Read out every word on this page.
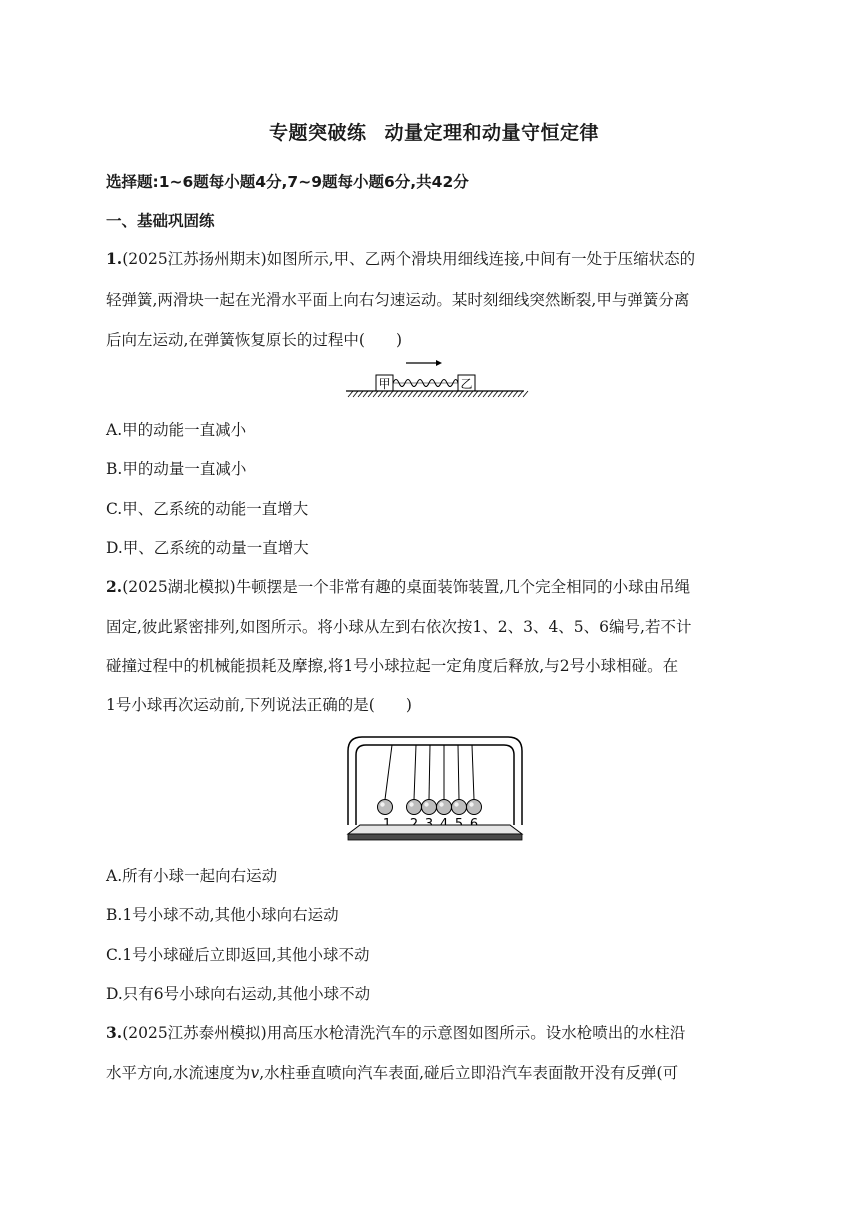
专题突破练 动量定理和动量守恒定律
选择题:1~6题每小题4分,7~9题每小题6分,共42分
一、基础巩固练
1.(2025江苏扬州期末)如图所示,甲、乙两个滑块用细线连接,中间有一处于压缩状态的
轻弹簧,两滑块一起在光滑水平面上向右匀速运动。某时刻细线突然断裂,甲与弹簧分离
后向左运动,在弹簧恢复原长的过程中(　　)
甲	乙
A.甲的动能一直减小
B.甲的动量一直减小
C.甲、乙系统的动能一直增大
D.甲、乙系统的动量一直增大
2.(2025湖北模拟)牛顿摆是一个非常有趣的桌面装饰装置,几个完全相同的小球由吊绳
固定,彼此紧密排列,如图所示。将小球从左到右依次按1、2、3、4、5、6编号,若不计
碰撞过程中的机械能损耗及摩擦,将1号小球拉起一定角度后释放,与2号小球相碰。在
1号小球再次运动前,下列说法正确的是(　　)
A.所有小球一起向右运动
B.1号小球不动,其他小球向右运动
C.1号小球碰后立即返回,其他小球不动
D.只有6号小球向右运动,其他小球不动
3.(2025江苏泰州模拟)用高压水枪清洗汽车的示意图如图所示。设水枪喷出的水柱沿
水平方向,水流速度为v,水柱垂直喷向汽车表面,碰后立即沿汽车表面散开没有反弹(可
